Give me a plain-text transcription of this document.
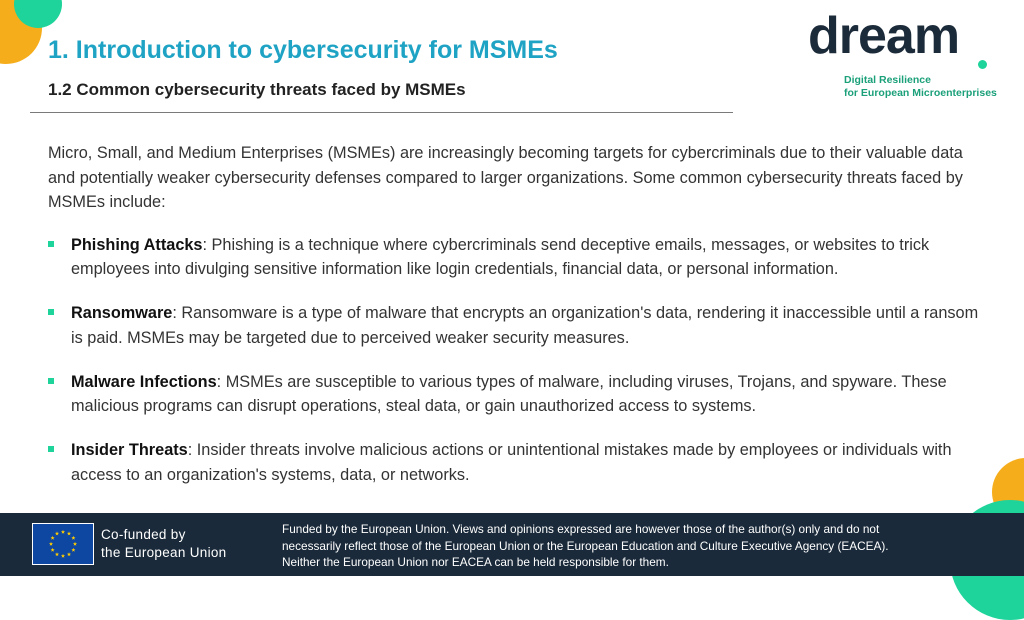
1. Introduction to cybersecurity for MSMEs
1.2 Common cybersecurity threats faced by MSMEs
dream
Digital Resilience
for European Microenterprises

Micro, Small, and Medium Enterprises (MSMEs) are increasingly becoming targets for cybercriminals due to their valuable data and potentially weaker cybersecurity defenses compared to larger organizations. Some common cybersecurity threats faced by MSMEs include:

Phishing Attacks: Phishing is a technique where cybercriminals send deceptive emails, messages, or websites to trick employees into divulging sensitive information like login credentials, financial data, or personal information.
Ransomware: Ransomware is a type of malware that encrypts an organization's data, rendering it inaccessible until a ransom is paid. MSMEs may be targeted due to perceived weaker security measures.
Malware Infections: MSMEs are susceptible to various types of malware, including viruses, Trojans, and spyware. These malicious programs can disrupt operations, steal data, or gain unauthorized access to systems.
Insider Threats: Insider threats involve malicious actions or unintentional mistakes made by employees or individuals with access to an organization's systems, data, or networks.
Co-funded by
the European Union
Funded by the European Union. Views and opinions expressed are however those of the author(s) only and do not
necessarily reflect those of the European Union or the European Education and Culture Executive Agency (EACEA).
Neither the European Union nor EACEA can be held responsible for them.
